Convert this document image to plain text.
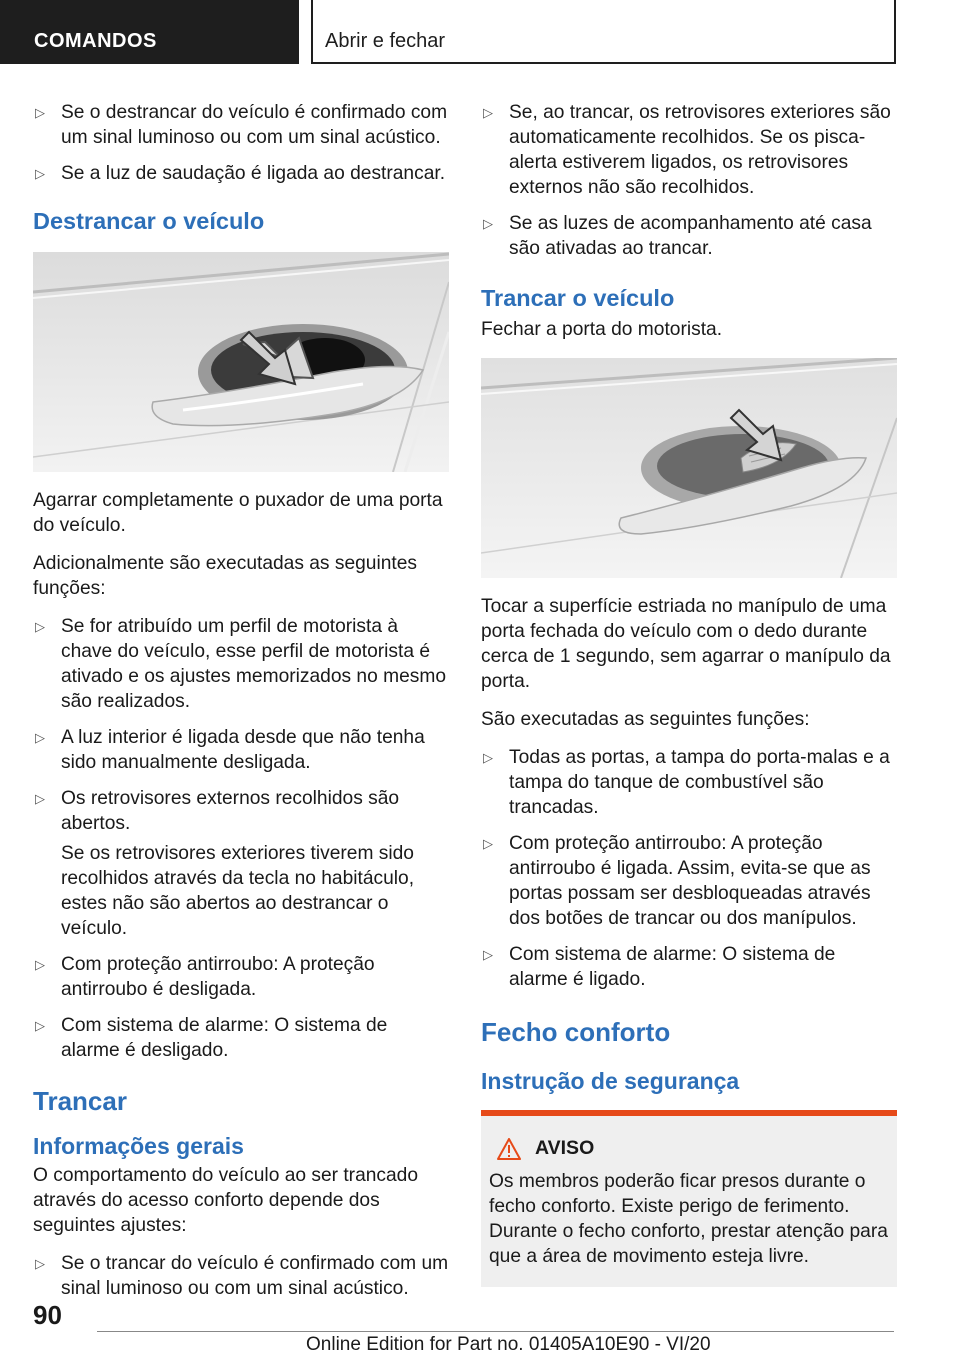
COMANDOS	Abrir e fechar
▷ Se o destrancar do veículo é confirmado com um sinal luminoso ou com um sinal acústico.
▷ Se a luz de saudação é ligada ao destrancar.
Destrancar o veículo

Agarrar completamente o puxador de uma porta do veículo.

Adicionalmente são executadas as seguintes funções:

▷ Se for atribuído um perfil de motorista à chave do veículo, esse perfil de motorista é ativado e os ajustes memorizados no mesmo são realizados.
▷ A luz interior é ligada desde que não tenha sido manualmente desligada.
▷ Os retrovisores externos recolhidos são abertos.
Se os retrovisores exteriores tiverem sido recolhidos através da tecla no habitáculo, estes não são abertos ao destrancar o veículo.
▷ Com proteção antirroubo: A proteção antirroubo é desligada.
▷ Com sistema de alarme: O sistema de alarme é desligado.
Trancar
Informações gerais

O comportamento do veículo ao ser trancado através do acesso conforto depende dos seguintes ajustes:

▷ Se o trancar do veículo é confirmado com um sinal luminoso ou com um sinal acústico.
▷ Se, ao trancar, os retrovisores exteriores são automaticamente recolhidos. Se os pisca-alerta estiverem ligados, os retrovisores externos não são recolhidos.
▷ Se as luzes de acompanhamento até casa são ativadas ao trancar.
Trancar o veículo

Fechar a porta do motorista.

Tocar a superfície estriada no manípulo de uma porta fechada do veículo com o dedo durante cerca de 1 segundo, sem agarrar o manípulo da porta.

São executadas as seguintes funções:

▷ Todas as portas, a tampa do porta-malas e a tampa do tanque de combustível são trancadas.
▷ Com proteção antirroubo: A proteção antirroubo é ligada. Assim, evita-se que as portas possam ser desbloqueadas através dos botões de trancar ou dos manípulos.
▷ Com sistema de alarme: O sistema de alarme é ligado.
Fecho conforto
Instrução de segurança
AVISO
Os membros poderão ficar presos durante o fecho conforto. Existe perigo de ferimento. Durante o fecho conforto, prestar atenção para que a área de movimento esteja livre.
90
Online Edition for Part no. 01405A10E90 - VI/20
